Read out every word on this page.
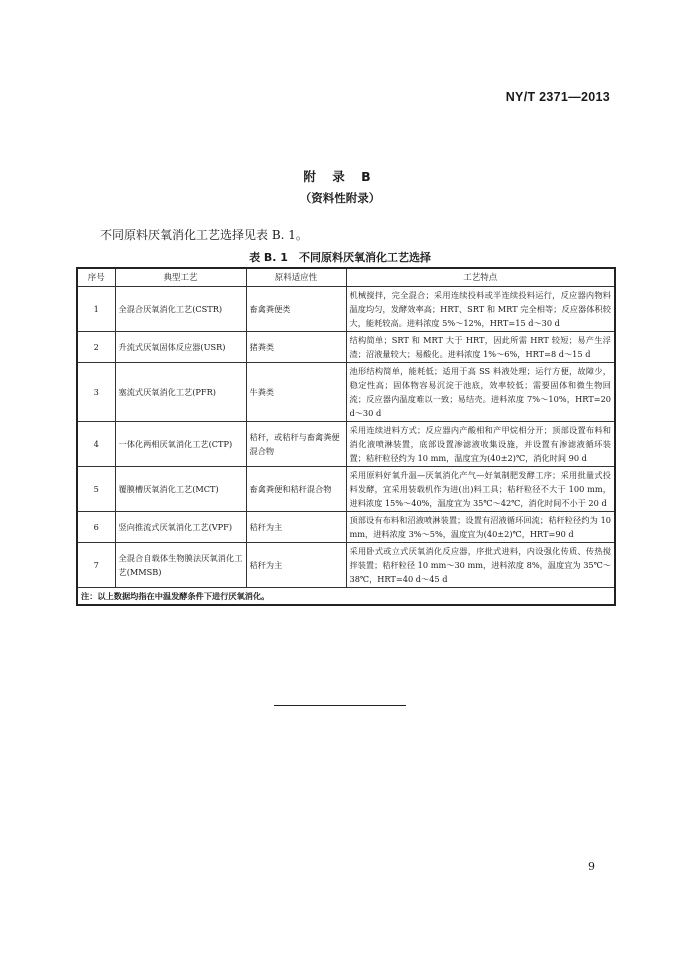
NY/T 2371—2013
附 录 B
（资料性附录）
不同原料厌氧消化工艺选择见表 B. 1。
表 B. 1　不同原料厌氧消化工艺选择
序号	典型工艺	原料适应性	工艺特点
1	全混合厌氧消化工艺(CSTR)	畜禽粪便类	机械搅拌，完全混合；采用连续投料或半连续投料运行，反应器内物料温度均匀，发酵效率高；HRT、SRT 和 MRT 完全相等；反应器体积较大，能耗较高。进料浓度 5%～12%，HRT=15 d～30 d
2	升流式厌氧固体反应器(USR)	猪粪类	结构简单；SRT 和 MRT 大于 HRT，因此所需 HRT 较短；易产生浮渣；沼液量较大；易酸化。进料浓度 1%～6%，HRT=8 d～15 d
3	塞流式厌氧消化工艺(PFR)	牛粪类	池形结构简单，能耗低；适用于高 SS 料液处理；运行方便，故障少，稳定性高；固体物容易沉淀于池底，效率较低；需要固体和微生物回流；反应器内温度难以一致；易结壳。进料浓度 7%～10%，HRT=20 d～30 d
4	一体化两相厌氧消化工艺(CTP)	秸秆，或秸秆与畜禽粪便混合物	采用连续进料方式；反应器内产酸相和产甲烷相分开；顶部设置布料和消化液喷淋装置，底部设置渗滤液收集设施，并设置有渗滤液循环装置；秸秆粒径约为 10 mm，温度宜为(40±2)℃，消化时间 90 d
5	覆膜槽厌氧消化工艺(MCT)	畜禽粪便和秸秆混合物	采用原料好氧升温—厌氧消化产气—好氧制肥发酵工序；采用批量式投料发酵，宜采用装载机作为进(出)料工具；秸秆粒径不大于 100 mm，进料浓度 15%～40%，温度宜为 35℃～42℃，消化时间不小于 20 d
6	竖向推流式厌氧消化工艺(VPF)	秸秆为主	顶部设有布料和沼液喷淋装置；设置有沼液循环回流；秸秆粒径约为 10 mm，进料浓度 3%～5%，温度宜为(40±2)℃，HRT=90 d
7	全混合自载体生物膜法厌氧消化工艺(MMSB)	秸秆为主	采用卧式或立式厌氧消化反应器，序批式进料，内设强化传质、传热搅拌装置；秸秆粒径 10 mm～30 mm，进料浓度 8%，温度宜为 35℃～38℃，HRT=40 d～45 d
注：以上数据均指在中温发酵条件下进行厌氧消化。			
9
